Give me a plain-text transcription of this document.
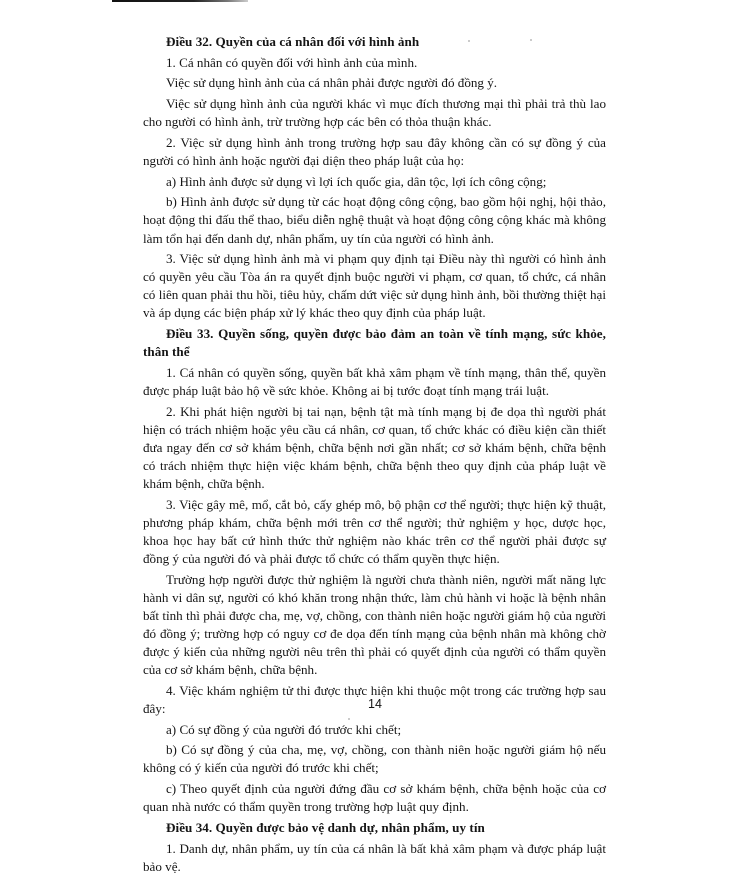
Điều 32. Quyền của cá nhân đối với hình ảnh

1. Cá nhân có quyền đối với hình ảnh của mình.

Việc sử dụng hình ảnh của cá nhân phải được người đó đồng ý.

Việc sử dụng hình ảnh của người khác vì mục đích thương mại thì phải trả thù lao cho người có hình ảnh, trừ trường hợp các bên có thỏa thuận khác.

2. Việc sử dụng hình ảnh trong trường hợp sau đây không cần có sự đồng ý của người có hình ảnh hoặc người đại diện theo pháp luật của họ:

a) Hình ảnh được sử dụng vì lợi ích quốc gia, dân tộc, lợi ích công cộng;

b) Hình ảnh được sử dụng từ các hoạt động công cộng, bao gồm hội nghị, hội thảo, hoạt động thi đấu thể thao, biểu diễn nghệ thuật và hoạt động công cộng khác mà không làm tổn hại đến danh dự, nhân phẩm, uy tín của người có hình ảnh.

3. Việc sử dụng hình ảnh mà vi phạm quy định tại Điều này thì người có hình ảnh có quyền yêu cầu Tòa án ra quyết định buộc người vi phạm, cơ quan, tổ chức, cá nhân có liên quan phải thu hồi, tiêu hủy, chấm dứt việc sử dụng hình ảnh, bồi thường thiệt hại và áp dụng các biện pháp xử lý khác theo quy định của pháp luật.

Điều 33. Quyền sống, quyền được bảo đảm an toàn về tính mạng, sức khỏe, thân thể

1. Cá nhân có quyền sống, quyền bất khả xâm phạm về tính mạng, thân thể, quyền được pháp luật bảo hộ về sức khỏe. Không ai bị tước đoạt tính mạng trái luật.

2. Khi phát hiện người bị tai nạn, bệnh tật mà tính mạng bị đe dọa thì người phát hiện có trách nhiệm hoặc yêu cầu cá nhân, cơ quan, tổ chức khác có điều kiện cần thiết đưa ngay đến cơ sở khám bệnh, chữa bệnh nơi gần nhất; cơ sở khám bệnh, chữa bệnh có trách nhiệm thực hiện việc khám bệnh, chữa bệnh theo quy định của pháp luật về khám bệnh, chữa bệnh.

3. Việc gây mê, mổ, cắt bỏ, cấy ghép mô, bộ phận cơ thể người; thực hiện kỹ thuật, phương pháp khám, chữa bệnh mới trên cơ thể người; thử nghiệm y học, dược học, khoa học hay bất cứ hình thức thử nghiệm nào khác trên cơ thể người phải được sự đồng ý của người đó và phải được tổ chức có thẩm quyền thực hiện.

Trường hợp người được thử nghiệm là người chưa thành niên, người mất năng lực hành vi dân sự, người có khó khăn trong nhận thức, làm chủ hành vi hoặc là bệnh nhân bất tỉnh thì phải được cha, mẹ, vợ, chồng, con thành niên hoặc người giám hộ của người đó đồng ý; trường hợp có nguy cơ đe dọa đến tính mạng của bệnh nhân mà không chờ được ý kiến của những người nêu trên thì phải có quyết định của người có thẩm quyền của cơ sở khám bệnh, chữa bệnh.

4. Việc khám nghiệm tử thi được thực hiện khi thuộc một trong các trường hợp sau đây:

a) Có sự đồng ý của người đó trước khi chết;

b) Có sự đồng ý của cha, mẹ, vợ, chồng, con thành niên hoặc người giám hộ nếu không có ý kiến của người đó trước khi chết;

c) Theo quyết định của người đứng đầu cơ sở khám bệnh, chữa bệnh hoặc của cơ quan nhà nước có thẩm quyền trong trường hợp luật quy định.

Điều 34. Quyền được bảo vệ danh dự, nhân phẩm, uy tín

1. Danh dự, nhân phẩm, uy tín của cá nhân là bất khả xâm phạm và được pháp luật bảo vệ.

14
